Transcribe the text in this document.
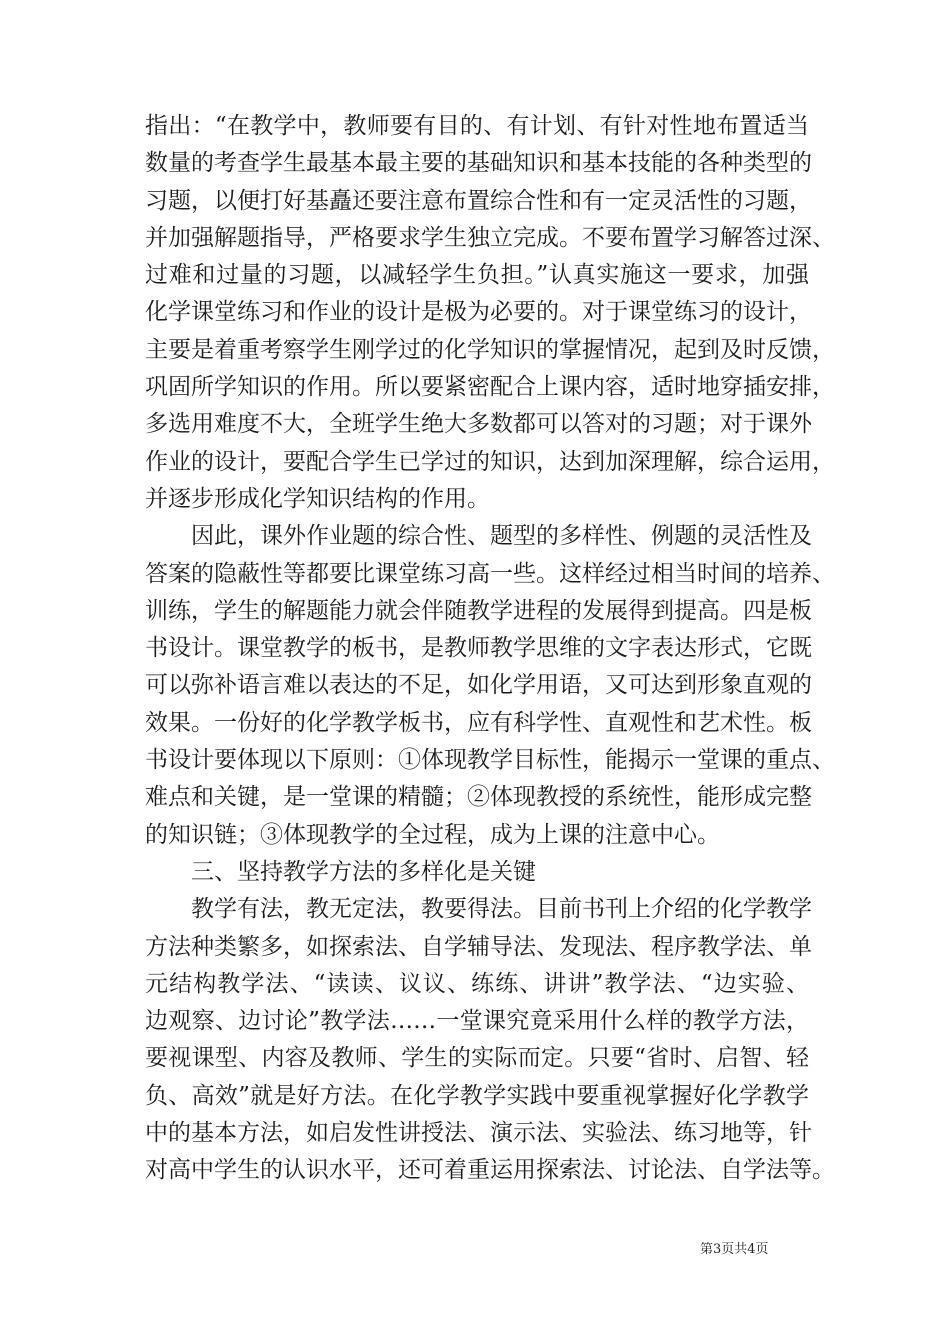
指出：“在教学中，教师要有目的、有计划、有针对性地布置适当
数量的考查学生最基本最主要的基础知识和基本技能的各种类型的
习题，以便打好基矗还要注意布置综合性和有一定灵活性的习题，
并加强解题指导，严格要求学生独立完成。不要布置学习解答过深、
过难和过量的习题，以减轻学生负担。”认真实施这一要求，加强
化学课堂练习和作业的设计是极为必要的。对于课堂练习的设计，
主要是着重考察学生刚学过的化学知识的掌握情况，起到及时反馈，
巩固所学知识的作用。所以要紧密配合上课内容，适时地穿插安排，
多选用难度不大，全班学生绝大多数都可以答对的习题；对于课外
作业的设计，要配合学生已学过的知识，达到加深理解，综合运用，
并逐步形成化学知识结构的作用。
因此，课外作业题的综合性、题型的多样性、例题的灵活性及
答案的隐蔽性等都要比课堂练习高一些。这样经过相当时间的培养、
训练，学生的解题能力就会伴随教学进程的发展得到提高。四是板
书设计。课堂教学的板书，是教师教学思维的文字表达形式，它既
可以弥补语言难以表达的不足，如化学用语，又可达到形象直观的
效果。一份好的化学教学板书，应有科学性、直观性和艺术性。板
书设计要体现以下原则：①体现教学目标性，能揭示一堂课的重点、
难点和关键，是一堂课的精髓；②体现教授的系统性，能形成完整
的知识链；③体现教学的全过程，成为上课的注意中心。
三、坚持教学方法的多样化是关键
教学有法，教无定法，教要得法。目前书刊上介绍的化学教学
方法种类繁多，如探索法、自学辅导法、发现法、程序教学法、单
元结构教学法、“读读、议议、练练、讲讲”教学法、“边实验、
边观察、边讨论”教学法……一堂课究竟采用什么样的教学方法，
要视课型、内容及教师、学生的实际而定。只要“省时、启智、轻
负、高效”就是好方法。在化学教学实践中要重视掌握好化学教学
中的基本方法，如启发性讲授法、演示法、实验法、练习地等，针
对高中学生的认识水平，还可着重运用探索法、讨论法、自学法等。
第3页共4页
